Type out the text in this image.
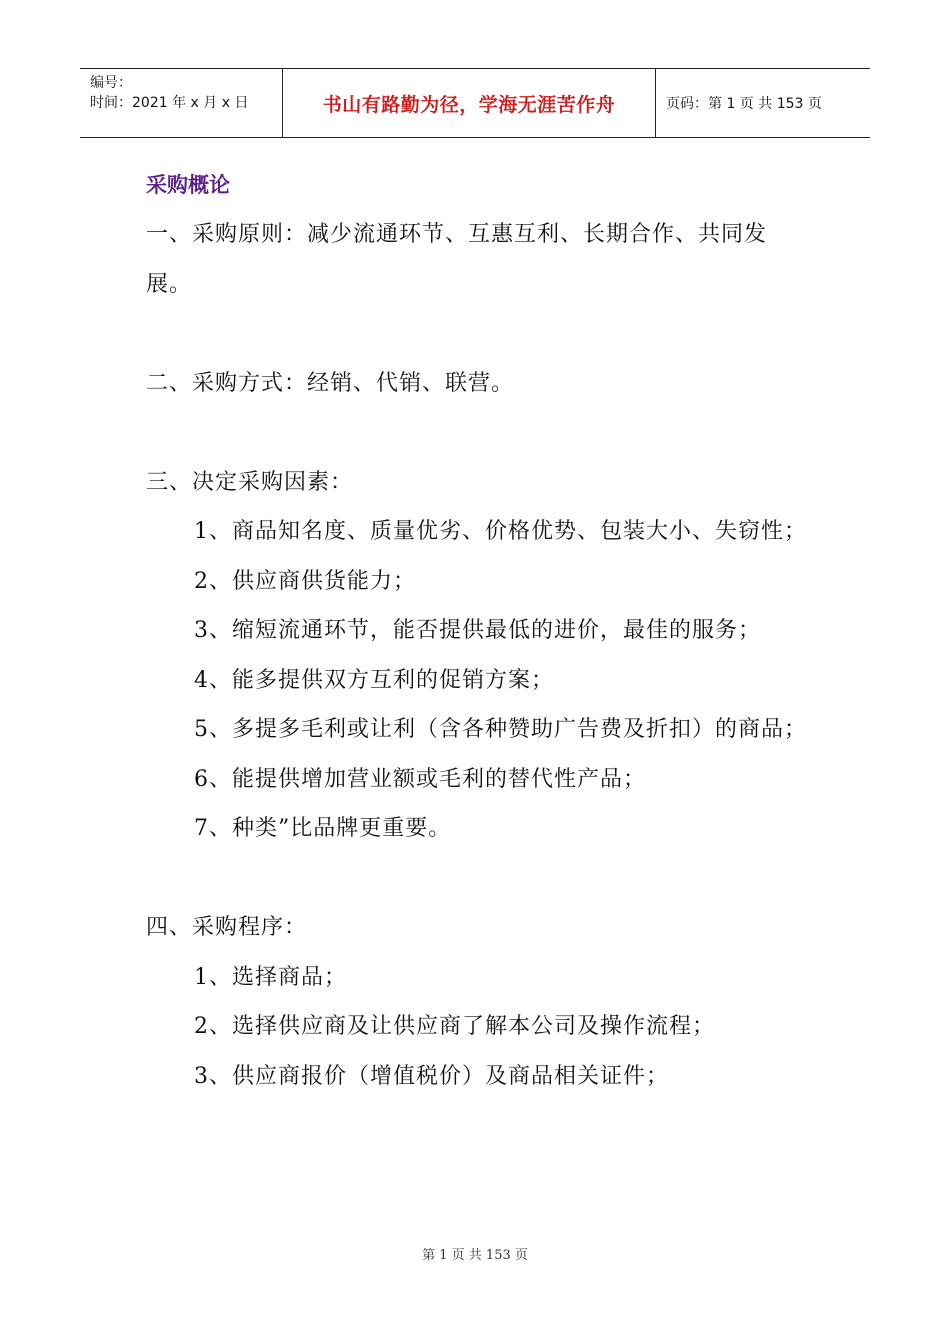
编号：
时间：2021 年 x 月 x 日	书山有路勤为径，学海无涯苦作舟	页码：第 1 页 共 153 页
采购概论

一、采购原则：减少流通环节、互惠互利、长期合作、共同发展。

二、采购方式：经销、代销、联营。

三、决定采购因素：

1、商品知名度、质量优劣、价格优势、包装大小、失窃性；

2、供应商供货能力；

3、缩短流通环节，能否提供最低的进价，最佳的服务；

4、能多提供双方互利的促销方案；

5、多提多毛利或让利（含各种赞助广告费及折扣）的商品；

6、能提供增加营业额或毛利的替代性产品；

7、种类”比品牌更重要。

四、采购程序：

1、选择商品；

2、选择供应商及让供应商了解本公司及操作流程；

3、供应商报价（增值税价）及商品相关证件；

第 1 页 共 153 页
